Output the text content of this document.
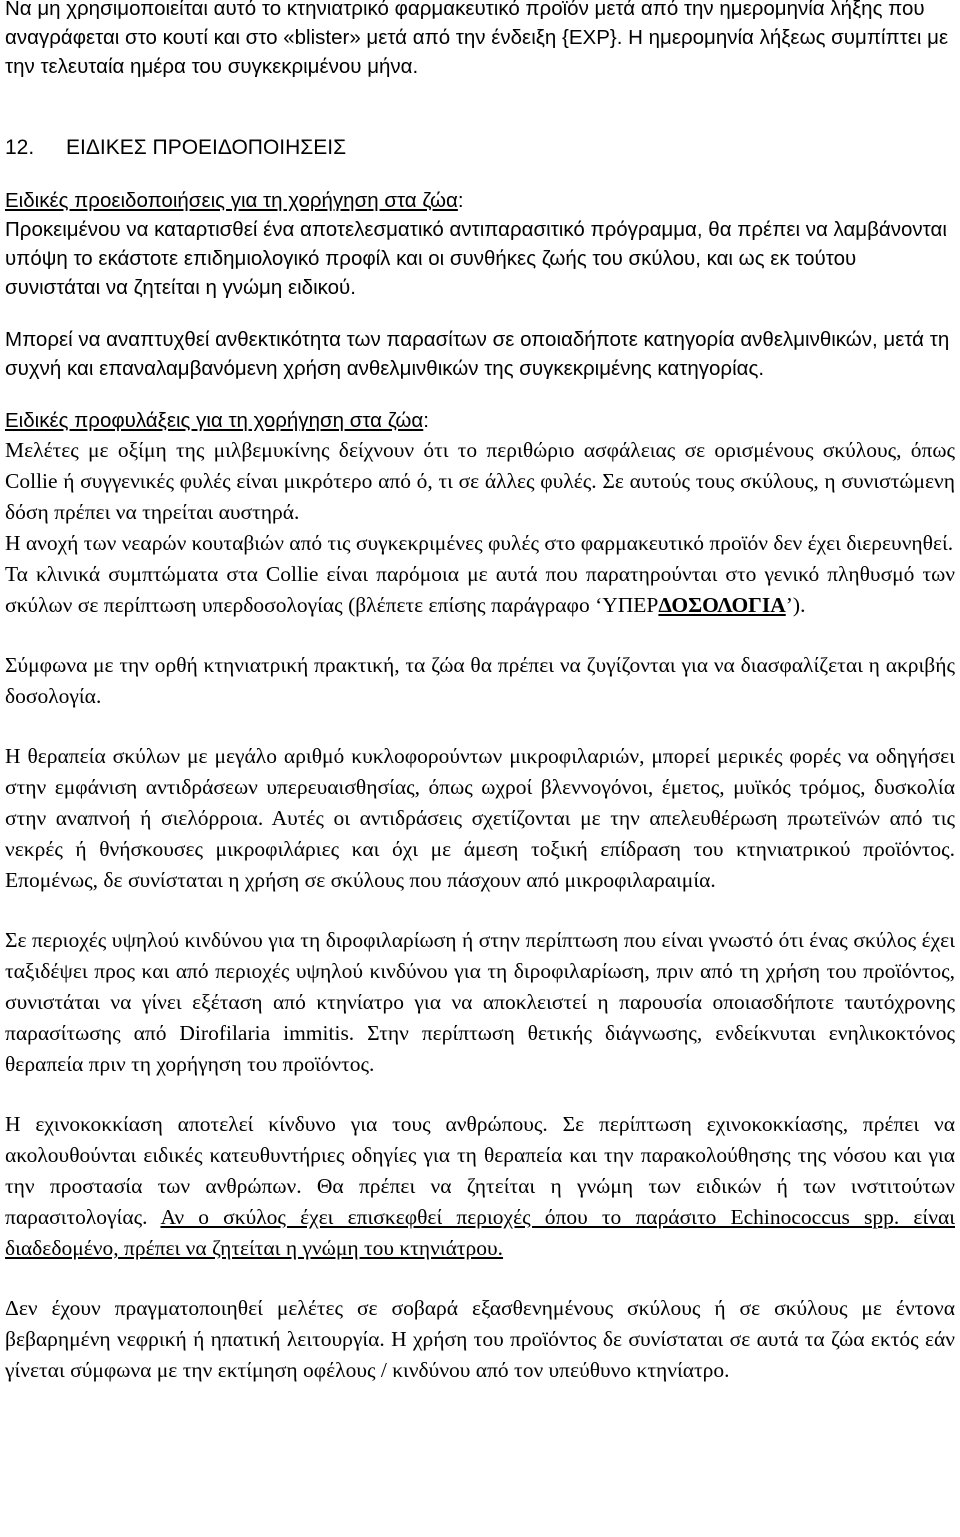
Να μη χρησιμοποιείται αυτό το κτηνιατρικό φαρμακευτικό προϊόν μετά από την ημερομηνία λήξης που αναγράφεται στο κουτί και στο «blister» μετά από την ένδειξη {EXP}. Η ημερομηνία λήξεως συμπίπτει με την τελευταία ημέρα του συγκεκριμένου μήνα.

12. ΕΙΔΙΚΕΣ ΠΡΟΕΙΔΟΠΟΙΗΣΕΙΣ
Ειδικές προειδοποιήσεις για τη χορήγηση στα ζώα:

Προκειμένου να καταρτισθεί ένα αποτελεσματικό αντιπαρασιτικό πρόγραμμα, θα πρέπει να λαμβάνονται υπόψη το εκάστοτε επιδημιολογικό προφίλ και οι συνθήκες ζωής του σκύλου, και ως εκ τούτου συνιστάται να ζητείται η γνώμη ειδικού.

Μπορεί να αναπτυχθεί ανθεκτικότητα των παρασίτων σε οποιαδήποτε κατηγορία ανθελμινθικών, μετά τη συχνή και επαναλαμβανόμενη χρήση ανθελμινθικών της συγκεκριμένης κατηγορίας.

Ειδικές προφυλάξεις για τη χορήγηση στα ζώα:

Μελέτες με οξίμη της μιλβεμυκίνης δείχνουν ότι το περιθώριο ασφάλειας σε ορισμένους σκύλους, όπως Collie ή συγγενικές φυλές είναι μικρότερο από ό, τι σε άλλες φυλές. Σε αυτούς τους σκύλους, η συνιστώμενη δόση πρέπει να τηρείται αυστηρά.

Η ανοχή των νεαρών κουταβιών από τις συγκεκριμένες φυλές στο φαρμακευτικό προϊόν δεν έχει διερευνηθεί.

Τα κλινικά συμπτώματα στα Collie είναι παρόμοια με αυτά που παρατηρούνται στο γενικό πληθυσμό των σκύλων σε περίπτωση υπερδοσολογίας (βλέπετε επίσης παράγραφο ‘ΥΠΕΡΔΟΣΟΛΟΓΙΑ’).

Σύμφωνα με την ορθή κτηνιατρική πρακτική, τα ζώα θα πρέπει να ζυγίζονται για να διασφαλίζεται η ακριβής δοσολογία.

Η θεραπεία σκύλων με μεγάλο αριθμό κυκλοφορούντων μικροφιλαριών, μπορεί μερικές φορές να οδηγήσει στην εμφάνιση αντιδράσεων υπερευαισθησίας, όπως ωχροί βλεννογόνοι, έμετος, μυϊκός τρόμος, δυσκολία στην αναπνοή ή σιελόρροια. Αυτές οι αντιδράσεις σχετίζονται με την απελευθέρωση πρωτεϊνών από τις νεκρές ή θνήσκουσες μικροφιλάριες και όχι με άμεση τοξική επίδραση του κτηνιατρικού προϊόντος. Επομένως, δε συνίσταται η χρήση σε σκύλους που πάσχουν από μικροφιλαραιμία.

Σε περιοχές υψηλού κινδύνου για τη διροφιλαρίωση ή στην περίπτωση που είναι γνωστό ότι ένας σκύλος έχει ταξιδέψει προς και από περιοχές υψηλού κινδύνου για τη διροφιλαρίωση, πριν από τη χρήση του προϊόντος, συνιστάται να γίνει εξέταση από κτηνίατρο για να αποκλειστεί η παρουσία οποιασδήποτε ταυτόχρονης παρασίτωσης από Dirofilaria immitis. Στην περίπτωση θετικής διάγνωσης, ενδείκνυται ενηλικοκτόνος θεραπεία πριν τη χορήγηση του προϊόντος.

Η εχινοκοκκίαση αποτελεί κίνδυνο για τους ανθρώπους. Σε περίπτωση εχινοκοκκίασης, πρέπει να ακολουθούνται ειδικές κατευθυντήριες οδηγίες για τη θεραπεία και την παρακολούθησης της νόσου και για την προστασία των ανθρώπων. Θα πρέπει να ζητείται η γνώμη των ειδικών ή των ινστιτούτων παρασιτολογίας. Αν ο σκύλος έχει επισκεφθεί περιοχές όπου το παράσιτο Echinococcus spp. είναι διαδεδομένο, πρέπει να ζητείται η γνώμη του κτηνιάτρου.

Δεν έχουν πραγματοποιηθεί μελέτες σε σοβαρά εξασθενημένους σκύλους ή σε σκύλους με έντονα βεβαρημένη νεφρική ή ηπατική λειτουργία. Η χρήση του προϊόντος δε συνίσταται σε αυτά τα ζώα εκτός εάν γίνεται σύμφωνα με την εκτίμηση οφέλους / κινδύνου από τον υπεύθυνο κτηνίατρο.
